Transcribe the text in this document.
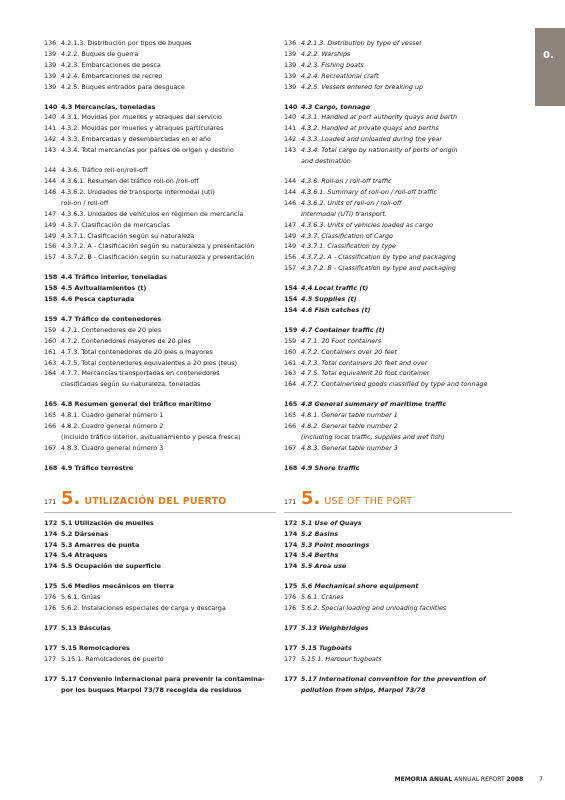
0.
136 4.2.1.3. Distribución por tipos de buques
139 4.2.2. Buques de guerra
139 4.2.3. Embarcaciones de pesca
139 4.2.4. Embarcaciones de recreo
139 4.2.5. Buques entrados para desguace
140 4.3 Mercancías, toneladas
140 4.3.1. Movidas por muelles y atraques del servicio
141 4.3.2. Movidas por muelles y atraques particulares
142 4.3.3. Embarcadas y desembarcadas en el año
143 4.3.4. Total mercancías por países de origen y destino
144 4.3.6. Tráfico roll-on/roll-off
144 4.3.6.1. Resumen del tráfico roll-on /roll-off
146 4.3.6.2. Unidades de transporte intermodal (uti)
roll-on / roll-off
147 4.3.6.3. Unidades de vehículos en régimen de mercancía
149 4.3.7. Clasificación de mercancías
149 4.3.7.1. Clasificación según su naturaleza
156 4.3.7.2. A - Clasificación según su naturaleza y presentación
157 4.3.7.2. B - Clasificación según su naturaleza y presentación
158 4.4 Tráfico interior, toneladas
158 4.5 Avituallamientos (t)
158 4.6 Pesca capturada
159 4.7 Tráfico de contenedores
159 4.7.1. Contenedores de 20 pies
160 4.7.2. Contenedores mayores de 20 pies
161 4.7.3. Total contenedores de 20 pies o mayores
163 4.7.5. Total contenedores equivalentes a 20 pies (teus)
164 4.7.7. Mercancías transportadas en contenedores
clasificadas según su naturaleza, toneladas
165 4.8 Resumen general del tráfico marítimo
165 4.8.1. Cuadro general número 1
166 4.8.2. Cuadro general número 2
(incluido tráfico interior, avituallamiento y pesca fresca)
167 4.8.3. Cuadro general número 3
168 4.9 Tráfico terrestre
171 5. UTILIZACIÓN DEL PUERTO
172 5.1 Utilización de muelles
174 5.2 Dársenas
174 5.3 Amarres de punta
174 5.4 Atraques
174 5.5 Ocupación de superficie
175 5.6 Medios mecánicos en tierra
176 5.6.1. Grúas
176 5.6.2. Instalaciones especiales de carga y descarga
177 5.13 Básculas
177 5.15 Remolcadores
177 5.15.1. Remolcadores de puerto
177 5.17 Convenio internacional para prevenir la contamina-
por los buques Marpol 73/78 recogida de residuos
136 4.2.1.3. Distribution by type of vessel
139 4.2.2. Warships
139 4.2.3. Fishing boats
139 4.2.4. Recreational craft
139 4.2.5. Vessels entered for breaking up
140 4.3 Cargo, tonnage
140 4.3.1. Handled at port authority quays and berth
141 4.3.2. Handled at private quays and berths
142 4.3.3. Loaded and unloaded during the year
143 4.3.4. Total cargo by nationality of ports of origin
and destination
144 4.3.6. Roll-on / roll-off traffic
144 4.3.6.1. Summary of roll-on / roll-off traffic
146 4.3.6.2. Units of roll-on / roll-off
Intermodal (UTI) transport.
147 4.3.6.3. Units of vehicles loaded as cargo
149 4.3.7. Classification of Cargo
149 4.3.7.1. Classification by type
156 4.3.7.2. A - Classification by type and packaging
157 4.3.7.2. B - Classification by type and packaging
154 4.4 Local traffic (t)
154 4.5 Supplies (t)
154 4.6 Fish catches (t)
159 4.7 Container traffic (t)
159 4.7.1. 20 Foot containers
160 4.7.2. Containers over 20 feet
161 4.7.3. Total containers 20 feet and over
163 4.7.5. Total equivalent 20 foot container
164 4.7.7. Containerised goods classified by type and tonnage
165 4.8 General summary of maritime traffic
165 4.8.1. General table number 1
166 4.8.2. General table number 2
(including local traffic, supplies and wet fish)
167 4.8.3. General table number 3
168 4.9 Shore traffic
171 5. USE OF THE PORT
172 5.1 Use of Quays
174 5.2 Basins
174 5.3 Point moorings
174 5.4 Berths
174 5.5 Area use
175 5.6 Mechanical shore equipment
176 5.6.1. Cranes
176 5.6.2. Special loading and unloading facilities
177 5.13 Weighbridges
177 5.15 Tugboats
177 5.15.1. Harbour tugboats
177 5.17 International convention for the prevention of
pollution from ships, Marpol 73/78
MEMORIA ANUAL ANNUAL REPORT 2008	7
